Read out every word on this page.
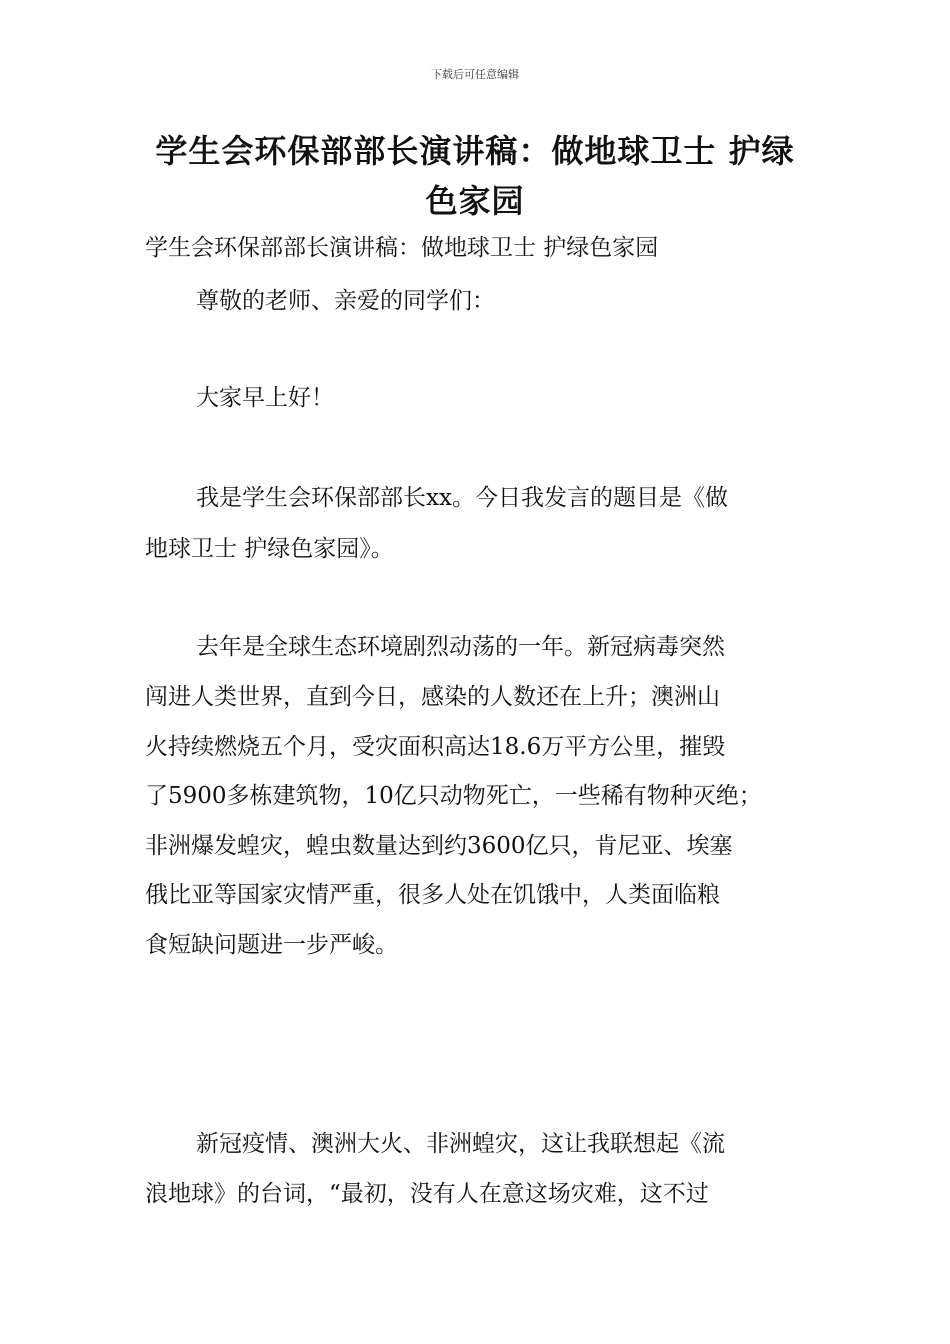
下载后可任意编辑
学生会环保部部长演讲稿：做地球卫士 护绿色家园
学生会环保部部长演讲稿：做地球卫士 护绿色家园
尊敬的老师、亲爱的同学们：
大家早上好！
我是学生会环保部部长xx。今日我发言的题目是《做
地球卫士 护绿色家园》。
去年是全球生态环境剧烈动荡的一年。新冠病毒突然
闯进人类世界，直到今日，感染的人数还在上升；澳洲山
火持续燃烧五个月，受灾面积高达18.6万平方公里，摧毁
了5900多栋建筑物，10亿只动物死亡，一些稀有物种灭绝；
非洲爆发蝗灾，蝗虫数量达到约3600亿只，肯尼亚、埃塞
俄比亚等国家灾情严重，很多人处在饥饿中，人类面临粮
食短缺问题进一步严峻。
新冠疫情、澳洲大火、非洲蝗灾，这让我联想起《流
浪地球》的台词，“最初，没有人在意这场灾难，这不过
